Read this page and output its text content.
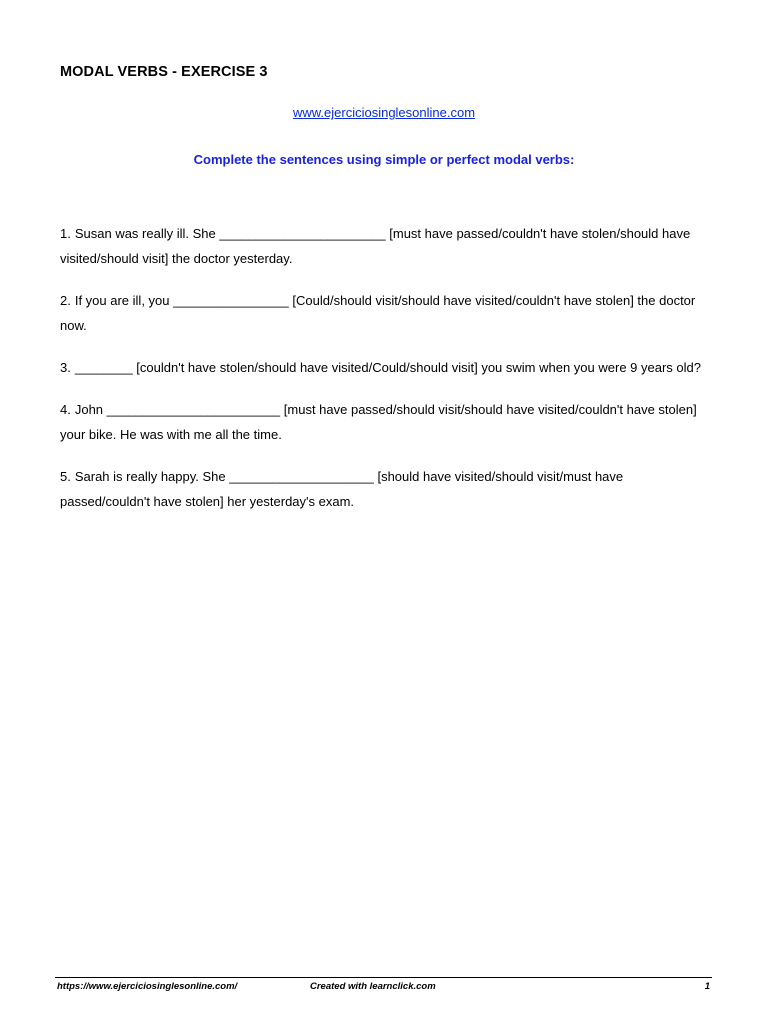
MODAL VERBS - EXERCISE 3
www.ejerciciosinglesonline.com
Complete the sentences using simple or perfect modal verbs:

1. Susan was really ill. She _______________________ [must have passed/couldn't have stolen/should have visited/should visit] the doctor yesterday.

2. If you are ill, you ________________ [Could/should visit/should have visited/couldn't have stolen] the doctor now.

3. ________ [couldn't have stolen/should have visited/Could/should visit] you swim when you were 9 years old?

4. John ________________________ [must have passed/should visit/should have visited/couldn't have stolen] your bike. He was with me all the time.

5. Sarah is really happy. She ____________________ [should have visited/should visit/must have passed/couldn't have stolen] her yesterday's exam.

https://www.ejerciciosinglesonline.com/	Created with learnclick.com	1
